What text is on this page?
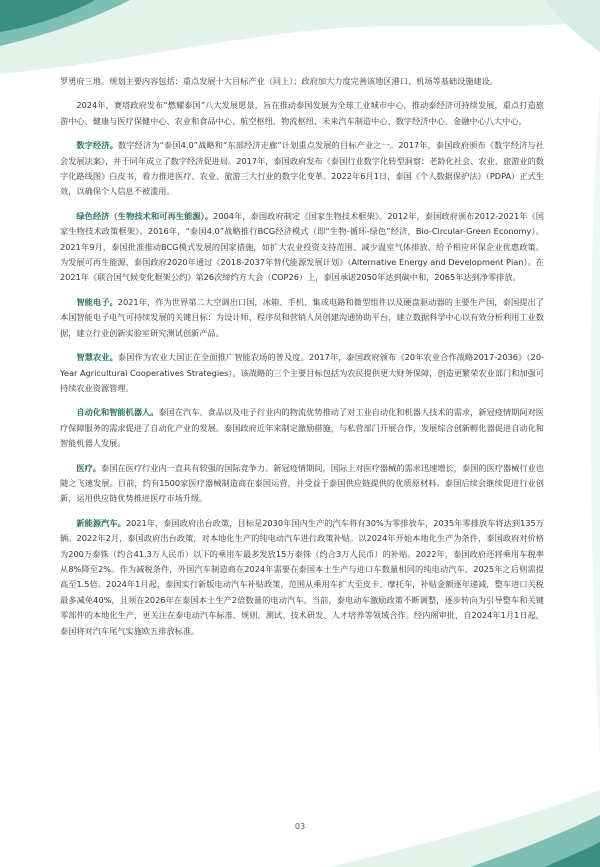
罗勇府三地。规划主要内容包括：重点发展十大目标产业（同上）；政府加大力度完善该地区港口、机场等基础设施建设。

2024年，赛塔政府发布“燃耀泰国”八大发展愿景，旨在推动泰国发展为全球工业城市中心，推动泰经济可持续发展，重点打造旅游中心、健康与医疗保健中心、农业和食品中心、航空枢纽、物流枢纽、未来汽车制造中心、数字经济中心、金融中心八大中心。

数字经济。数字经济为“泰国4.0”战略和“东部经济走廊”计划重点发展的目标产业之一。2017年，泰国政府颁布《数字经济与社会发展法案》，并于同年成立了数字经济促进局。2017年，泰国政府发布《泰国行业数字化转型洞察：老龄化社会、农业、旅游业的数字化路线图》白皮书，着力推进医疗、农业、旅游三大行业的数字化变革。2022年6月1日，泰国《个人数据保护法》（PDPA）正式生效，以确保个人信息不被滥用。

绿色经济（生物技术和可再生能源）。2004年，泰国政府制定《国家生物技术框架》。2012年，泰国政府颁布2012-2021年《国家生物技术政策框架》。2016年，“泰国4.0”战略推行BCG经济模式（即“生物-循环-绿色”经济，Bio-Circular-Green Economy）。2021年9月，泰国批准推动BCG模式发展的国家措施，如扩大农业投资支持范围、减少温室气体排放、给予相应环保企业优惠政策。为发展可再生能源，泰国政府2020年通过《2018-2037年替代能源发展计划》（Alternative Energy and Development Plan）。在2021年《联合国气候变化框架公约》第26次缔约方大会（COP26）上，泰国承诺2050年达到碳中和，2065年达到净零排放。

智能电子。2021年，作为世界第二大空调出口国，冰箱、手机、集成电路和微型组件以及硬盘驱动器的主要生产国，泰国提出了本国智能电子电气可持续发展的关键目标：为设计师、程序员和营销人员创建沟通协助平台，建立数据科学中心以有效分析利用工业数据，建立行业创新实验室研究测试创新产品。

智慧农业。泰国作为农业大国正在全面推广智能农场的普及度。2017年，泰国政府颁布《20年农业合作战略2017-2036》（20-Year Agricultural Cooperatives Strategies）。该战略的三个主要目标包括为农民提供更大财务保障，创造更繁荣农业部门和加强可持续农业资源管理。

自动化和智能机器人。泰国在汽车、食品以及电子行业内的物流优势推动了对工业自动化和机器人技术的需求，新冠疫情期间对医疗保障服务的需求促进了自动化产业的发展。泰国政府近年来制定激励措施，与私营部门开展合作，发展综合创新孵化器促进自动化和智能机器人发展。

医疗。泰国在医疗行业内一直具有较强的国际竞争力。新冠疫情期间，国际上对医疗器械的需求迅速增长，泰国的医疗器械行业也随之飞速发展。目前，约有1500家医疗器械制造商在泰国运营，并受益于泰国供应链提供的优质原材料。泰国后续会继续促进行业创新，运用供应链优势推进医疗市场升级。

新能源汽车。2021年，泰国政府出台政策，目标是2030年国内生产的汽车将有30%为零排放车，2035年零排放车将达到135万辆。2022年2月，泰国政府出台政策，对本地化生产的纯电动汽车进行政策补贴。以2024年开始本地化生产为条件，泰国政府对价格为200万泰铢（约合41.3万人民币）以下的乘用车最多发放15万泰铢（约合3万人民币）的补贴。2022年，泰国政府还将乘用车税率从8%降至2%。作为减税条件，外国汽车制造商在2024年需要在泰国本土生产与进口车数量相同的纯电动汽车，2025年之后则需提高至1.5倍。2024年1月起，泰国实行新版电动汽车补贴政策，范围从乘用车扩大至皮卡、摩托车，补贴金额逐年递减，整车进口关税最多减免40%，且须在2026年在泰国本土生产2倍数量的电动汽车。当前，泰电动车激励政策不断调整，逐步转向为引导整车和关键零部件的本地化生产，更关注在泰电动汽车标准、规则、测试、技术研发、人才培养等领域合作。经内阁审批，自2024年1月1日起，泰国将对汽车尾气实施欧五排放标准。

03
